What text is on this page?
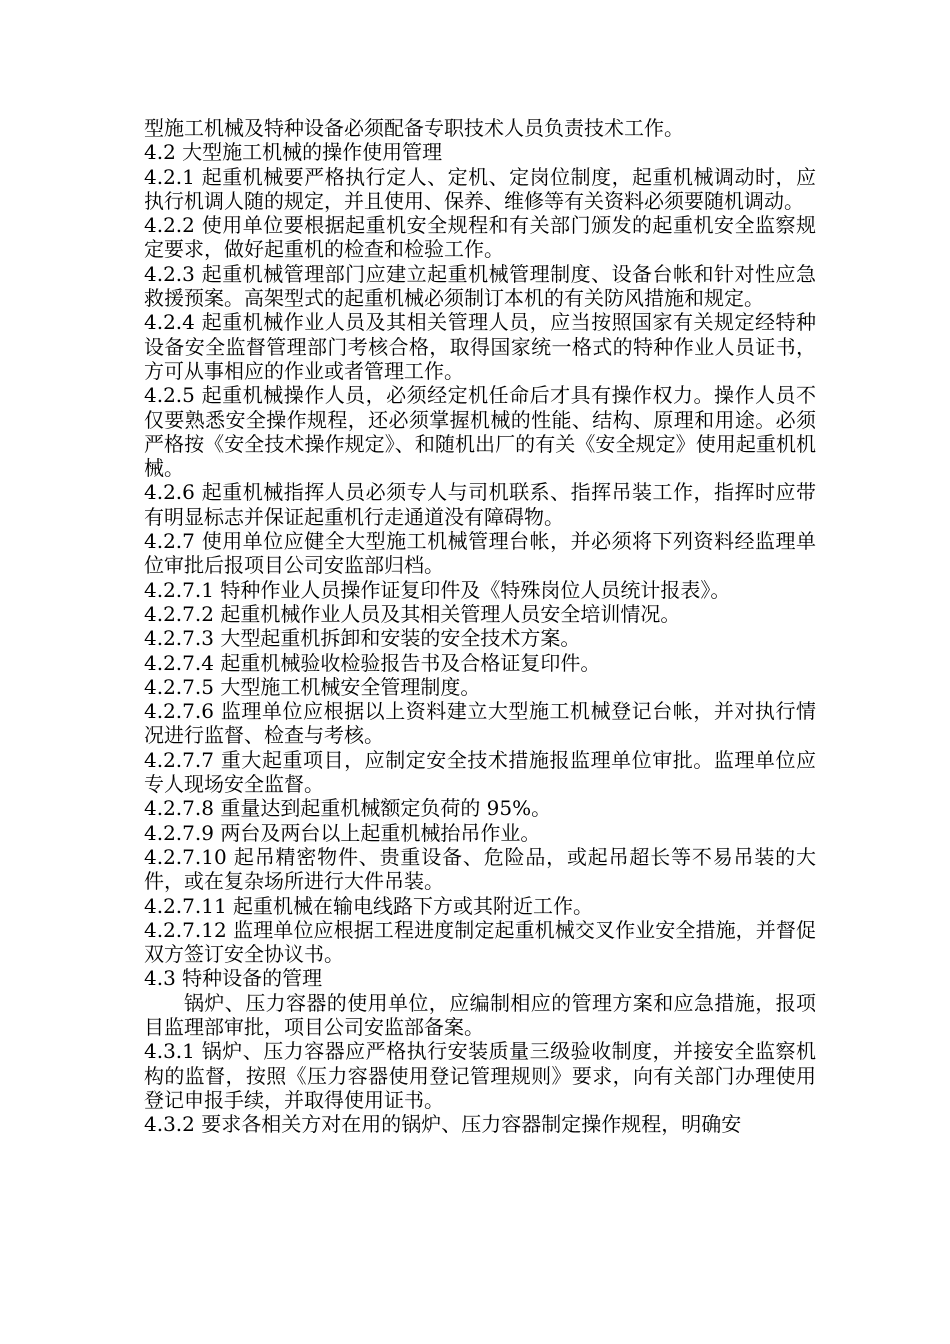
型施工机械及特种设备必须配备专职技术人员负责技术工作。

4.2 大型施工机械的操作使用管理

4.2.1 起重机械要严格执行定人、定机、定岗位制度，起重机械调动时，应执行机调人随的规定，并且使用、保养、维修等有关资料必须要随机调动。

4.2.2 使用单位要根据起重机安全规程和有关部门颁发的起重机安全监察规定要求，做好起重机的检查和检验工作。

4.2.3 起重机械管理部门应建立起重机械管理制度、设备台帐和针对性应急救援预案。高架型式的起重机械必须制订本机的有关防风措施和规定。

4.2.4 起重机械作业人员及其相关管理人员，应当按照国家有关规定经特种设备安全监督管理部门考核合格，取得国家统一格式的特种作业人员证书，方可从事相应的作业或者管理工作。

4.2.5 起重机械操作人员，必须经定机任命后才具有操作权力。操作人员不仅要熟悉安全操作规程，还必须掌握机械的性能、结构、原理和用途。必须严格按《安全技术操作规定》、和随机出厂的有关《安全规定》使用起重机机械。

4.2.6 起重机械指挥人员必须专人与司机联系、指挥吊装工作，指挥时应带有明显标志并保证起重机行走通道没有障碍物。

4.2.7 使用单位应健全大型施工机械管理台帐，并必须将下列资料经监理单位审批后报项目公司安监部归档。

4.2.7.1 特种作业人员操作证复印件及《特殊岗位人员统计报表》。

4.2.7.2 起重机械作业人员及其相关管理人员安全培训情况。

4.2.7.3 大型起重机拆卸和安装的安全技术方案。

4.2.7.4 起重机械验收检验报告书及合格证复印件。

4.2.7.5 大型施工机械安全管理制度。

4.2.7.6 监理单位应根据以上资料建立大型施工机械登记台帐，并对执行情况进行监督、检查与考核。

4.2.7.7 重大起重项目，应制定安全技术措施报监理单位审批。监理单位应专人现场安全监督。

4.2.7.8 重量达到起重机械额定负荷的 95%。

4.2.7.9 两台及两台以上起重机械抬吊作业。

4.2.7.10 起吊精密物件、贵重设备、危险品，或起吊超长等不易吊装的大件，或在复杂场所进行大件吊装。

4.2.7.11 起重机械在输电线路下方或其附近工作。

4.2.7.12 监理单位应根据工程进度制定起重机械交叉作业安全措施，并督促双方签订安全协议书。

4.3 特种设备的管理

锅炉、压力容器的使用单位，应编制相应的管理方案和应急措施，报项目监理部审批，项目公司安监部备案。

4.3.1 锅炉、压力容器应严格执行安装质量三级验收制度，并接安全监察机构的监督，按照《压力容器使用登记管理规则》要求，向有关部门办理使用登记申报手续，并取得使用证书。

4.3.2 要求各相关方对在用的锅炉、压力容器制定操作规程，明确安
